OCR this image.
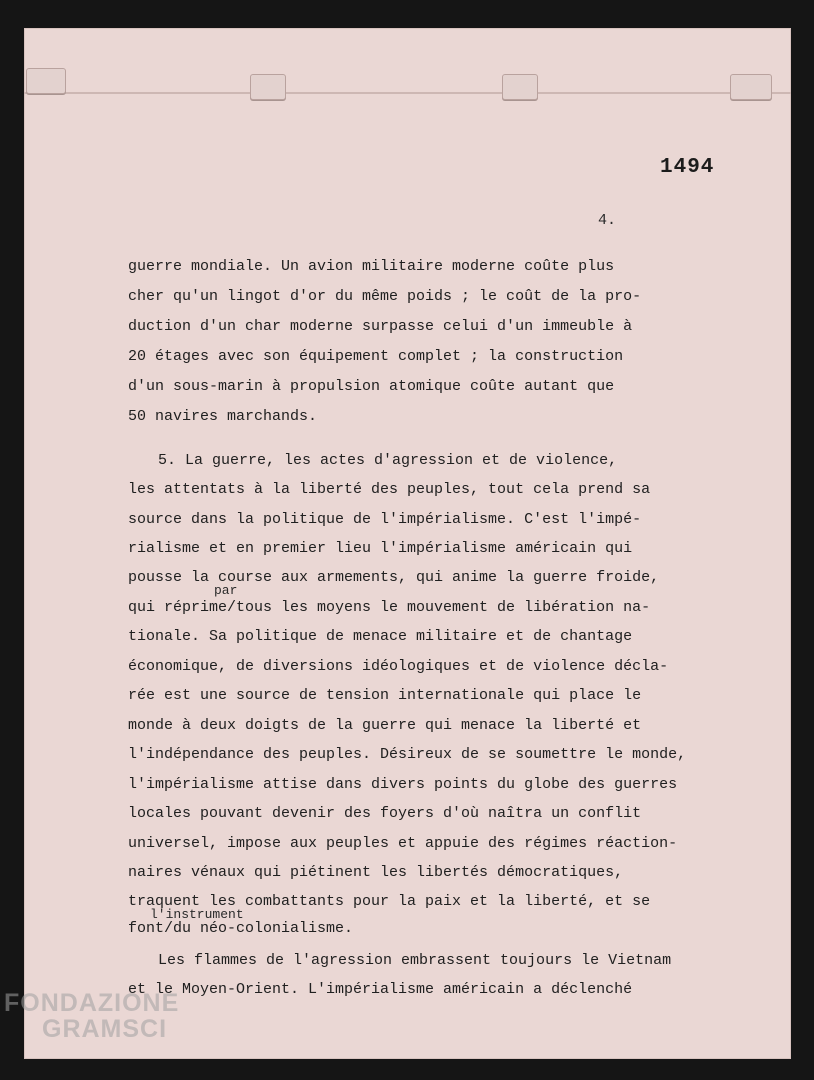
1494
4.
guerre mondiale. Un avion militaire moderne coûte plus
cher qu'un lingot d'or du même poids ; le coût de la pro-
duction d'un char moderne surpasse celui d'un immeuble à
20 étages avec son équipement complet ; la construction
d'un sous-marin à propulsion atomique coûte autant que
50 navires marchands.
5. La guerre, les actes d'agression et de violence,
les attentats à la liberté des peuples, tout cela prend sa
source dans la politique de l'impérialisme. C'est l'impé-
rialisme et en premier lieu l'impérialisme américain qui
pousse la course aux armements, qui anime la guerre froide,
par
qui réprime/tous les moyens le mouvement de libération na-
tionale. Sa politique de menace militaire et de chantage
économique, de diversions idéologiques et de violence décla-
rée est une source de tension internationale qui place le
monde à deux doigts de la guerre qui menace la liberté et
l'indépendance des peuples. Désireux de se soumettre le monde,
l'impérialisme attise dans divers points du globe des guerres
locales pouvant devenir des foyers d'où naîtra un conflit
universel, impose aux peuples et appuie des régimes réaction-
naires vénaux qui piétinent les libertés démocratiques,
traquent les combattants pour la paix et la liberté, et se
l'instrument
font/du néo-colonialisme.
Les flammes de l'agression embrassent toujours le Vietnam
et le Moyen-Orient. L'impérialisme américain a déclenché
FONDAZIONE
GRAMSCI
